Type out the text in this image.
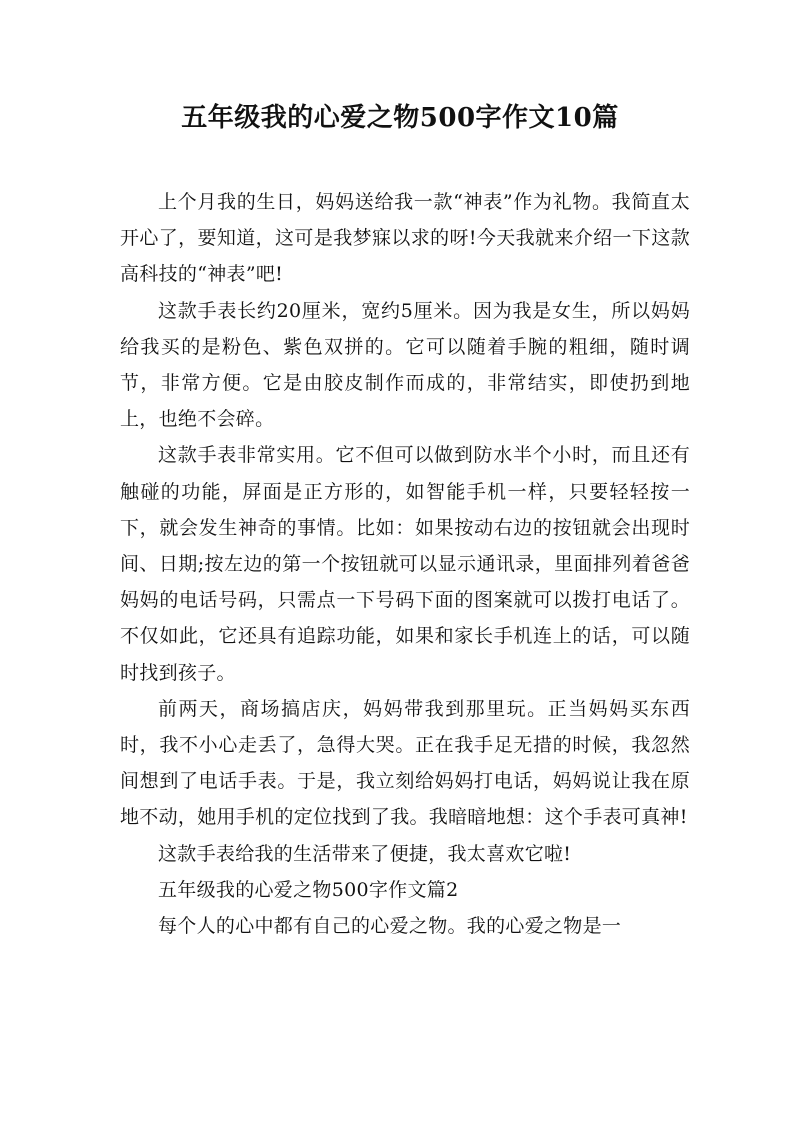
五年级我的心爱之物500字作文10篇

上个月我的生日，妈妈送给我一款“神表”作为礼物。我简直太开心了，要知道，这可是我梦寐以求的呀!今天我就来介绍一下这款高科技的“神表”吧!

这款手表长约20厘米，宽约5厘米。因为我是女生，所以妈妈给我买的是粉色、紫色双拼的。它可以随着手腕的粗细，随时调节，非常方便。它是由胶皮制作而成的，非常结实，即使扔到地上，也绝不会碎。

这款手表非常实用。它不但可以做到防水半个小时，而且还有触碰的功能，屏面是正方形的，如智能手机一样，只要轻轻按一下，就会发生神奇的事情。比如：如果按动右边的按钮就会出现时间、日期;按左边的第一个按钮就可以显示通讯录，里面排列着爸爸妈妈的电话号码，只需点一下号码下面的图案就可以拨打电话了。不仅如此，它还具有追踪功能，如果和家长手机连上的话，可以随时找到孩子。

前两天，商场搞店庆，妈妈带我到那里玩。正当妈妈买东西时，我不小心走丢了，急得大哭。正在我手足无措的时候，我忽然间想到了电话手表。于是，我立刻给妈妈打电话，妈妈说让我在原地不动，她用手机的定位找到了我。我暗暗地想：这个手表可真神!

这款手表给我的生活带来了便捷，我太喜欢它啦!

五年级我的心爱之物500字作文篇2

每个人的心中都有自己的心爱之物。我的心爱之物是一
